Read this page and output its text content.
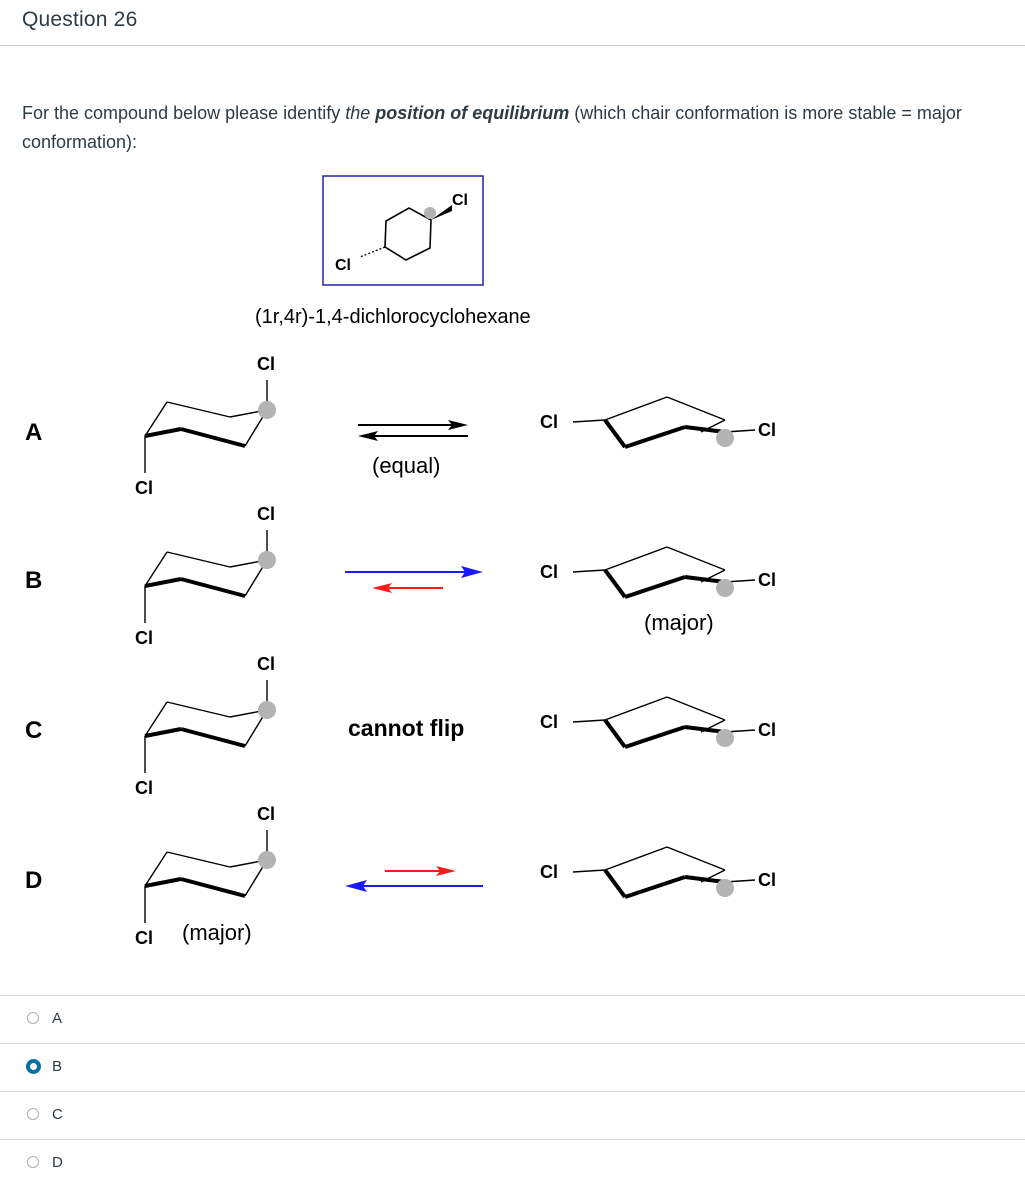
Question 26
For the compound below please identify the position of equilibrium (which chair conformation is more stable = major conformation):
Cl
Cl
(1r,4r)-1,4-dichlorocyclohexane
A
Cl
Cl
(equal)
Cl	Cl
B
Cl
Cl
Cl	Cl
(major)
C
Cl
Cl
cannot flip	Cl	Cl
D
Cl
Cl (major)
Cl	Cl
A
B
C
D
